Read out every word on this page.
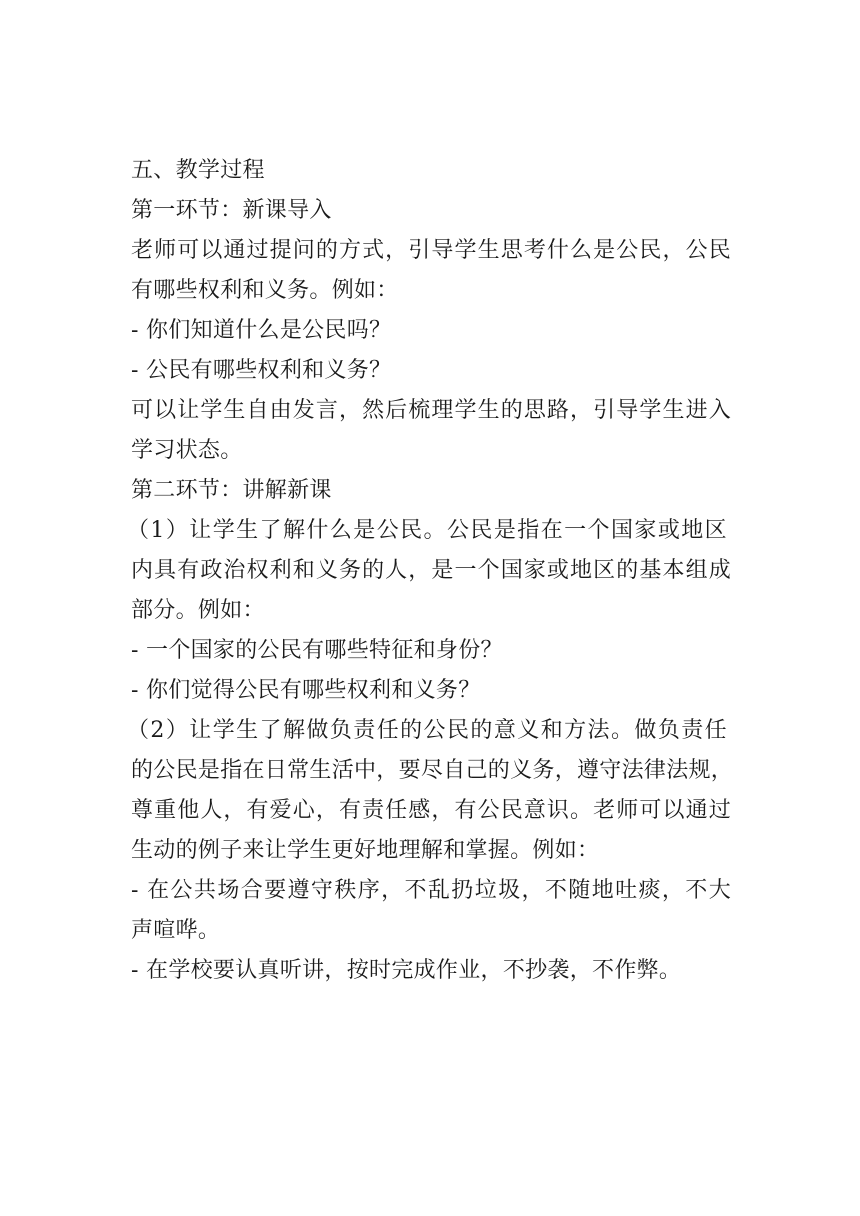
五、教学过程
第一环节：新课导入
老师可以通过提问的方式，引导学生思考什么是公民，公民
有哪些权利和义务。例如：
- 你们知道什么是公民吗？
- 公民有哪些权利和义务？
可以让学生自由发言，然后梳理学生的思路，引导学生进入
学习状态。
第二环节：讲解新课
（1）让学生了解什么是公民。公民是指在一个国家或地区
内具有政治权利和义务的人，是一个国家或地区的基本组成
部分。例如：
- 一个国家的公民有哪些特征和身份？
- 你们觉得公民有哪些权利和义务？
（2）让学生了解做负责任的公民的意义和方法。做负责任
的公民是指在日常生活中，要尽自己的义务，遵守法律法规，
尊重他人，有爱心，有责任感，有公民意识。老师可以通过
生动的例子来让学生更好地理解和掌握。例如：
- 在公共场合要遵守秩序，不乱扔垃圾，不随地吐痰，不大
声喧哗。
- 在学校要认真听讲，按时完成作业，不抄袭，不作弊。
